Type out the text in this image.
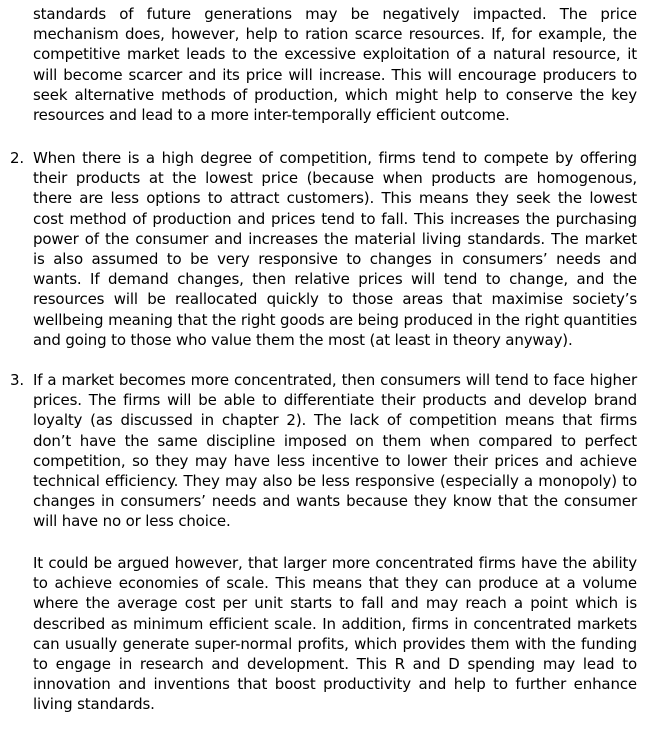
standards of future generations may be negatively impacted. The price mechanism does, however, help to ration scarce resources. If, for example, the competitive market leads to the excessive exploitation of a natural resource, it will become scarcer and its price will increase. This will encourage producers to seek alternative methods of production, which might help to conserve the key resources and lead to a more inter-temporally efficient outcome.

2. When there is a high degree of competition, firms tend to compete by offering their products at the lowest price (because when products are homogenous, there are less options to attract customers). This means they seek the lowest cost method of production and prices tend to fall. This increases the purchasing power of the consumer and increases the material living standards. The market is also assumed to be very responsive to changes in consumers’ needs and wants. If demand changes, then relative prices will tend to change, and the resources will be reallocated quickly to those areas that maximise society’s wellbeing meaning that the right goods are being produced in the right quantities and going to those who value them the most (at least in theory anyway).

3. If a market becomes more concentrated, then consumers will tend to face higher prices. The firms will be able to differentiate their products and develop brand loyalty (as discussed in chapter 2). The lack of competition means that firms don’t have the same discipline imposed on them when compared to perfect competition, so they may have less incentive to lower their prices and achieve technical efficiency. They may also be less responsive (especially a monopoly) to changes in consumers’ needs and wants because they know that the consumer will have no or less choice.

It could be argued however, that larger more concentrated firms have the ability to achieve economies of scale. This means that they can produce at a volume where the average cost per unit starts to fall and may reach a point which is described as minimum efficient scale. In addition, firms in concentrated markets can usually generate super-normal profits, which provides them with the funding to engage in research and development. This R and D spending may lead to innovation and inventions that boost productivity and help to further enhance living standards.
